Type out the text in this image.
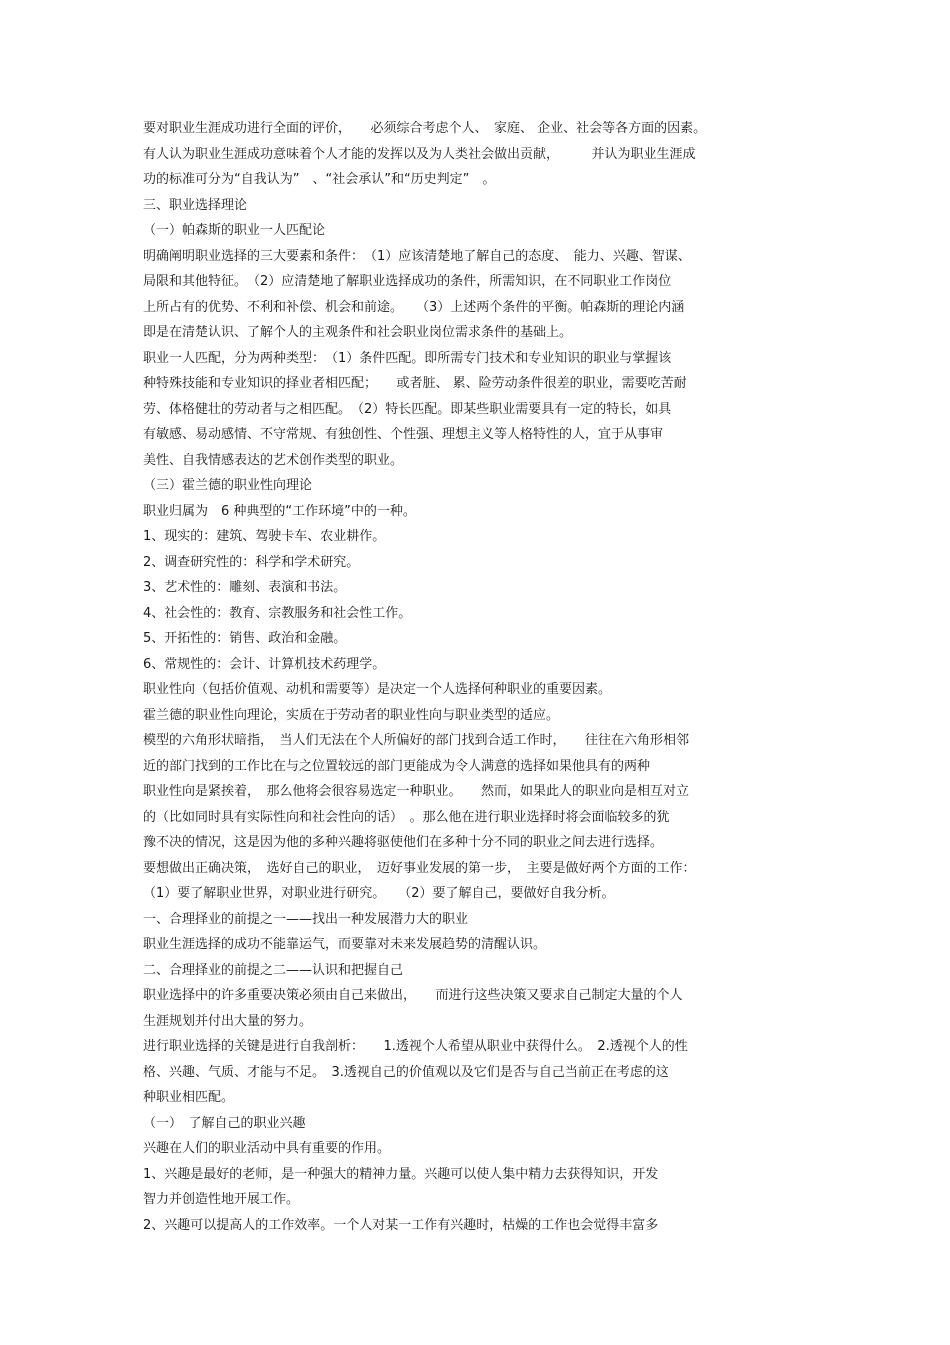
要对职业生涯成功进行全面的评价，　　必须综合考虑个人、　家庭、 企业、社会等各方面的因素。

有人认为职业生涯成功意味着个人才能的发挥以及为人类社会做出贡献，　　　并认为职业生涯成

功的标准可分为“自我认为”　、“社会承认”和“历史判定”　。

三、职业选择理论

（一）帕森斯的职业一人匹配论

明确阐明职业选择的三大要素和条件：　（1）应该清楚地了解自己的态度、　能力、兴趣、智谋、

局限和其他特征。　（2）应清楚地了解职业选择成功的条件，所需知识，在不同职业工作岗位

上所占有的优势、不利和补偿、机会和前途。　　（3）上述两个条件的平衡。帕森斯的理论内涵

即是在清楚认识、了解个人的主观条件和社会职业岗位需求条件的基础上。

职业一人匹配，分为两种类型：　（1）条件匹配。即所需专门技术和专业知识的职业与掌握该

种特殊技能和专业知识的择业者相匹配；　　或者脏、 累、险劳动条件很差的职业，需要吃苦耐

劳、体格健壮的劳动者与之相匹配。　（2）特长匹配。即某些职业需要具有一定的特长，如具

有敏感、易动感情、不守常规、有独创性、个性强、理想主义等人格特性的人，宜于从事审

美性、自我情感表达的艺术创作类型的职业。

（三）霍兰德的职业性向理论

职业归属为　6 种典型的“工作环境”中的一种。

1、现实的：建筑、驾驶卡车、农业耕作。

2、调查研究性的：科学和学术研究。

3、艺术性的：雕刻、表演和书法。

4、社会性的：教育、宗教服务和社会性工作。

5、开拓性的：销售、政治和金融。

6、常规性的：会计、计算机技术药理学。

职业性向（包括价值观、动机和需要等）是决定一个人选择何种职业的重要因素。

霍兰德的职业性向理论，实质在于劳动者的职业性向与职业类型的适应。

模型的六角形状暗指，　当人们无法在个人所偏好的部门找到合适工作时，　　往往在六角形相邻

近的部门找到的工作比在与之位置较远的部门更能成为令人满意的选择如果他具有的两种

职业性向是紧挨着，　那么他将会很容易选定一种职业。　　然而，如果此人的职业向是相互对立

的（比如同时具有实际性向和社会性向的话）　。那么他在进行职业选择时将会面临较多的犹

豫不决的情况，这是因为他的多种兴趣将驱使他们在多种十分不同的职业之间去进行选择。

要想做出正确决策，　选好自己的职业，　迈好事业发展的第一步，　主要是做好两个方面的工作：

（1）要了解职业世界，对职业进行研究。　　（2）要了解自己，要做好自我分析。

一、合理择业的前提之一——找出一种发展潜力大的职业

职业生涯选择的成功不能靠运气，而要靠对未来发展趋势的清醒认识。

二、合理择业的前提之二——认识和把握自己

职业选择中的许多重要决策必须由自己来做出，　　而进行这些决策又要求自己制定大量的个人

生涯规划并付出大量的努力。

进行职业选择的关键是进行自我剖析：　　1.透视个人希望从职业中获得什么。　2.透视个人的性

格、兴趣、气质、才能与不足。　3.透视自己的价值观以及它们是否与自己当前正在考虑的这

种职业相匹配。

（一）　了解自己的职业兴趣

兴趣在人们的职业活动中具有重要的作用。

1、兴趣是最好的老师，是一种强大的精神力量。兴趣可以使人集中精力去获得知识，开发

智力并创造性地开展工作。

2、兴趣可以提高人的工作效率。一个人对某一工作有兴趣时，枯燥的工作也会觉得丰富多
